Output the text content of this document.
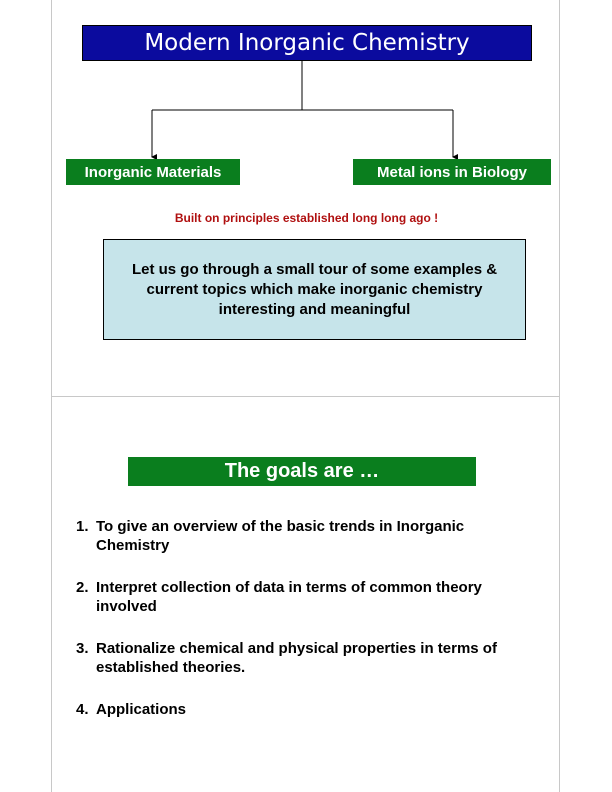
Modern Inorganic Chemistry
Inorganic Materials	Metal ions in Biology
Built on principles established long long ago !
Let us go through a small tour of some examples & current topics which make inorganic chemistry interesting and meaningful
The goals are …
1. To give an overview of the basic trends in Inorganic Chemistry
2. Interpret collection of data in terms of common theory involved
3. Rationalize chemical and physical properties in terms of established theories.
4. Applications
